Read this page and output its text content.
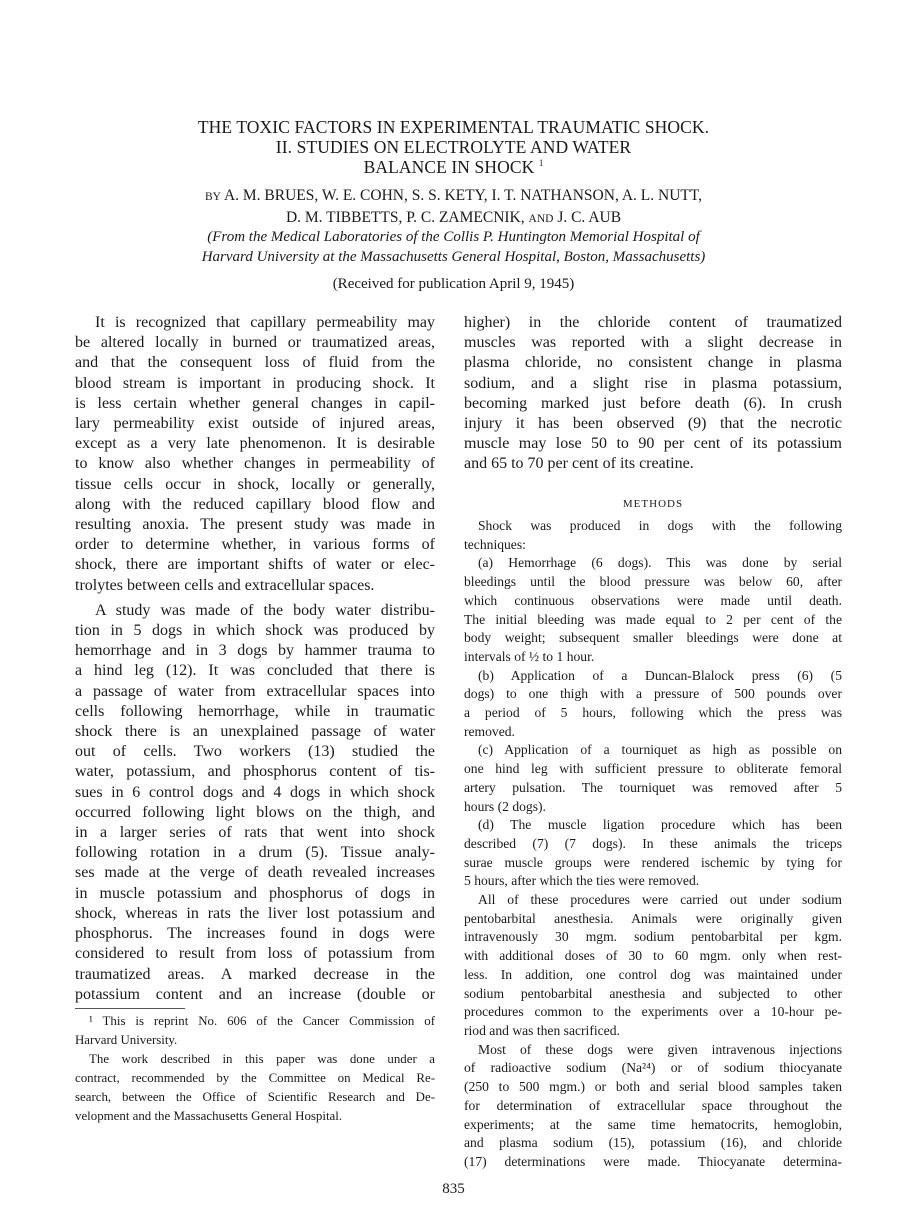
THE TOXIC FACTORS IN EXPERIMENTAL TRAUMATIC SHOCK.
II. STUDIES ON ELECTROLYTE AND WATER
BALANCE IN SHOCK $^1$
BY A. M. BRUES, W. E. COHN, S. S. KETY, I. T. NATHANSON, A. L. NUTT,
D. M. TIBBETTS, P. C. ZAMECNIK, AND J. C. AUB
(From the Medical Laboratories of the Collis P. Huntington Memorial Hospital of
Harvard University at the Massachusetts General Hospital, Boston, Massachusetts)
(Received for publication April 9, 1945)
It is recognized that capillary permeability may
be altered locally in burned or traumatized areas,
and that the consequent loss of fluid from the
blood stream is important in producing shock. It
is less certain whether general changes in capil-
lary permeability exist outside of injured areas,
except as a very late phenomenon. It is desirable
to know also whether changes in permeability of
tissue cells occur in shock, locally or generally,
along with the reduced capillary blood flow and
resulting anoxia. The present study was made in
order to determine whether, in various forms of
shock, there are important shifts of water or elec-
trolytes between cells and extracellular spaces.
A study was made of the body water distribu-
tion in 5 dogs in which shock was produced by
hemorrhage and in 3 dogs by hammer trauma to
a hind leg (12). It was concluded that there is
a passage of water from extracellular spaces into
cells following hemorrhage, while in traumatic
shock there is an unexplained passage of water
out of cells. Two workers (13) studied the
water, potassium, and phosphorus content of tis-
sues in 6 control dogs and 4 dogs in which shock
occurred following light blows on the thigh, and
in a larger series of rats that went into shock
following rotation in a drum (5). Tissue analy-
ses made at the verge of death revealed increases
in muscle potassium and phosphorus of dogs in
shock, whereas in rats the liver lost potassium and
phosphorus. The increases found in dogs were
considered to result from loss of potassium from
traumatized areas. A marked decrease in the
potassium content and an increase (double or
higher) in the chloride content of traumatized
muscles was reported with a slight decrease in
plasma chloride, no consistent change in plasma
sodium, and a slight rise in plasma potassium,
becoming marked just before death (6). In crush
injury it has been observed (9) that the necrotic
muscle may lose 50 to 90 per cent of its potassium
and 65 to 70 per cent of its creatine.
METHODS
Shock was produced in dogs with the following
techniques:
(a) Hemorrhage (6 dogs). This was done by serial
bleedings until the blood pressure was below 60, after
which continuous observations were made until death.
The initial bleeding was made equal to 2 per cent of the
body weight; subsequent smaller bleedings were done at
intervals of ½ to 1 hour.
(b) Application of a Duncan-Blalock press (6) (5
dogs) to one thigh with a pressure of 500 pounds over
a period of 5 hours, following which the press was
removed.
(c) Application of a tourniquet as high as possible on
one hind leg with sufficient pressure to obliterate femoral
artery pulsation. The tourniquet was removed after 5
hours (2 dogs).
(d) The muscle ligation procedure which has been
described (7) (7 dogs). In these animals the triceps
surae muscle groups were rendered ischemic by tying for
5 hours, after which the ties were removed.
All of these procedures were carried out under sodium
pentobarbital anesthesia. Animals were originally given
intravenously 30 mgm. sodium pentobarbital per kgm.
with additional doses of 30 to 60 mgm. only when rest-
less. In addition, one control dog was maintained under
sodium pentobarbital anesthesia and subjected to other
procedures common to the experiments over a 10-hour pe-
riod and was then sacrificed.
Most of these dogs were given intravenous injections
of radioactive sodium (Na²⁴) or of sodium thiocyanate
(250 to 500 mgm.) or both and serial blood samples taken
for determination of extracellular space throughout the
experiments; at the same time hematocrits, hemoglobin,
and plasma sodium (15), potassium (16), and chloride
(17) determinations were made. Thiocyanate determina-
¹ This is reprint No. 606 of the Cancer Commission of
Harvard University.
The work described in this paper was done under a
contract, recommended by the Committee on Medical Re-
search, between the Office of Scientific Research and De-
velopment and the Massachusetts General Hospital.
835
